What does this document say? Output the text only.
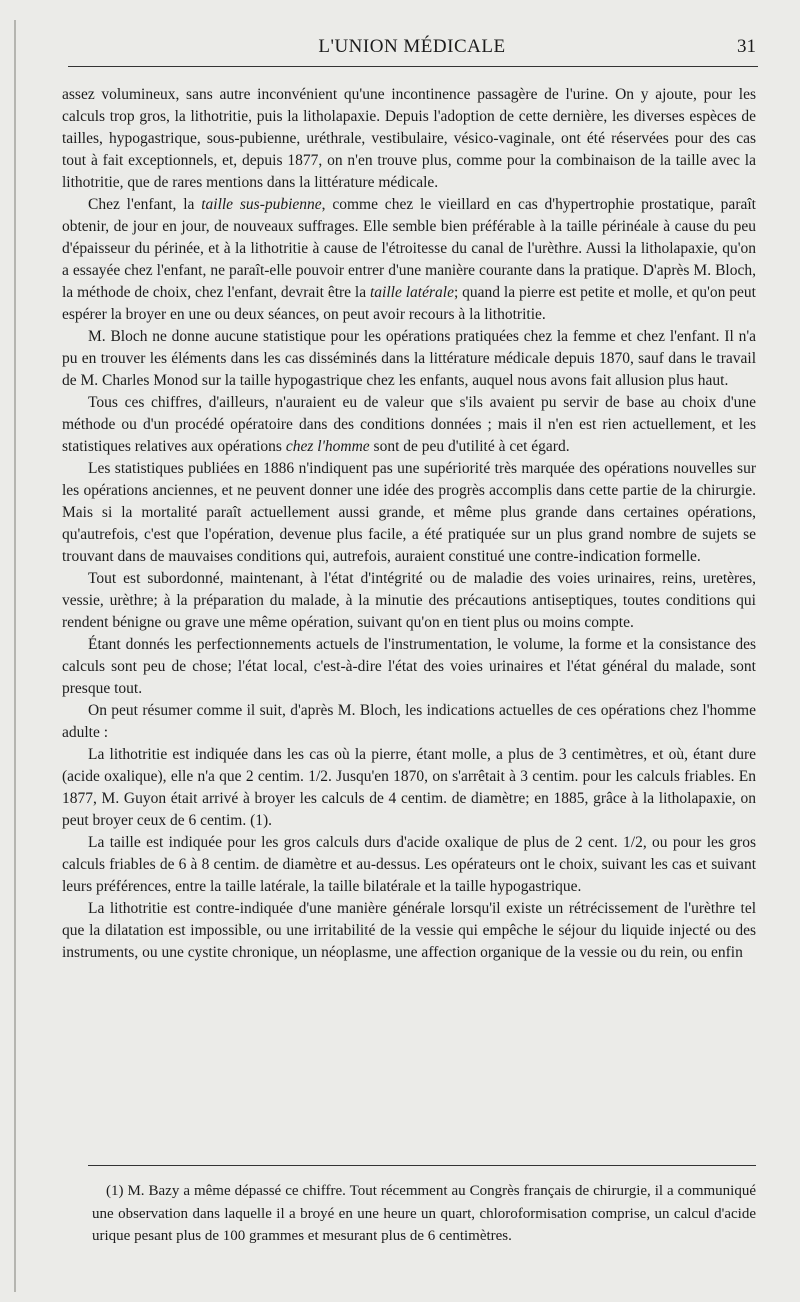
L'UNION MÉDICALE	31

assez volumineux, sans autre inconvénient qu'une incontinence passagère de l'urine. On y ajoute, pour les calculs trop gros, la lithotritie, puis la litholapaxie. Depuis l'adoption de cette dernière, les diverses espèces de tailles, hypogastrique, sous-pubienne, uréthrale, vestibulaire, vésico-vaginale, ont été réservées pour des cas tout à fait exceptionnels, et, depuis 1877, on n'en trouve plus, comme pour la combinaison de la taille avec la lithotritie, que de rares mentions dans la littérature médicale.

Chez l'enfant, la taille sus-pubienne, comme chez le vieillard en cas d'hypertrophie prostatique, paraît obtenir, de jour en jour, de nouveaux suffrages. Elle semble bien préférable à la taille périnéale à cause du peu d'épaisseur du périnée, et à la lithotritie à cause de l'étroitesse du canal de l'urèthre. Aussi la litholapaxie, qu'on a essayée chez l'enfant, ne paraît-elle pouvoir entrer d'une manière courante dans la pratique. D'après M. Bloch, la méthode de choix, chez l'enfant, devrait être la taille latérale; quand la pierre est petite et molle, et qu'on peut espérer la broyer en une ou deux séances, on peut avoir recours à la lithotritie.

M. Bloch ne donne aucune statistique pour les opérations pratiquées chez la femme et chez l'enfant. Il n'a pu en trouver les éléments dans les cas disséminés dans la littérature médicale depuis 1870, sauf dans le travail de M. Charles Monod sur la taille hypogastrique chez les enfants, auquel nous avons fait allusion plus haut.

Tous ces chiffres, d'ailleurs, n'auraient eu de valeur que s'ils avaient pu servir de base au choix d'une méthode ou d'un procédé opératoire dans des conditions données ; mais il n'en est rien actuellement, et les statistiques relatives aux opérations chez l'homme sont de peu d'utilité à cet égard.

Les statistiques publiées en 1886 n'indiquent pas une supériorité très marquée des opérations nouvelles sur les opérations anciennes, et ne peuvent donner une idée des progrès accomplis dans cette partie de la chirurgie. Mais si la mortalité paraît actuellement aussi grande, et même plus grande dans certaines opérations, qu'autrefois, c'est que l'opération, devenue plus facile, a été pratiquée sur un plus grand nombre de sujets se trouvant dans de mauvaises conditions qui, autrefois, auraient constitué une contre-indication formelle.

Tout est subordonné, maintenant, à l'état d'intégrité ou de maladie des voies urinaires, reins, uretères, vessie, urèthre; à la préparation du malade, à la minutie des précautions antiseptiques, toutes conditions qui rendent bénigne ou grave une même opération, suivant qu'on en tient plus ou moins compte.

Étant donnés les perfectionnements actuels de l'instrumentation, le volume, la forme et la consistance des calculs sont peu de chose; l'état local, c'est-à-dire l'état des voies urinaires et l'état général du malade, sont presque tout.

On peut résumer comme il suit, d'après M. Bloch, les indications actuelles de ces opérations chez l'homme adulte :

La lithotritie est indiquée dans les cas où la pierre, étant molle, a plus de 3 centimètres, et où, étant dure (acide oxalique), elle n'a que 2 centim. 1/2. Jusqu'en 1870, on s'arrêtait à 3 centim. pour les calculs friables. En 1877, M. Guyon était arrivé à broyer les calculs de 4 centim. de diamètre; en 1885, grâce à la litholapaxie, on peut broyer ceux de 6 centim. (1).

La taille est indiquée pour les gros calculs durs d'acide oxalique de plus de 2 cent. 1/2, ou pour les gros calculs friables de 6 à 8 centim. de diamètre et au-dessus. Les opérateurs ont le choix, suivant les cas et suivant leurs préférences, entre la taille latérale, la taille bilatérale et la taille hypogastrique.

La lithotritie est contre-indiquée d'une manière générale lorsqu'il existe un rétrécissement de l'urèthre tel que la dilatation est impossible, ou une irritabilité de la vessie qui empêche le séjour du liquide injecté ou des instruments, ou une cystite chronique, un néoplasme, une affection organique de la vessie ou du rein, ou enfin

(1) M. Bazy a même dépassé ce chiffre. Tout récemment au Congrès français de chirurgie, il a communiqué une observation dans laquelle il a broyé en une heure un quart, chloroformisation comprise, un calcul d'acide urique pesant plus de 100 grammes et mesurant plus de 6 centimètres.
